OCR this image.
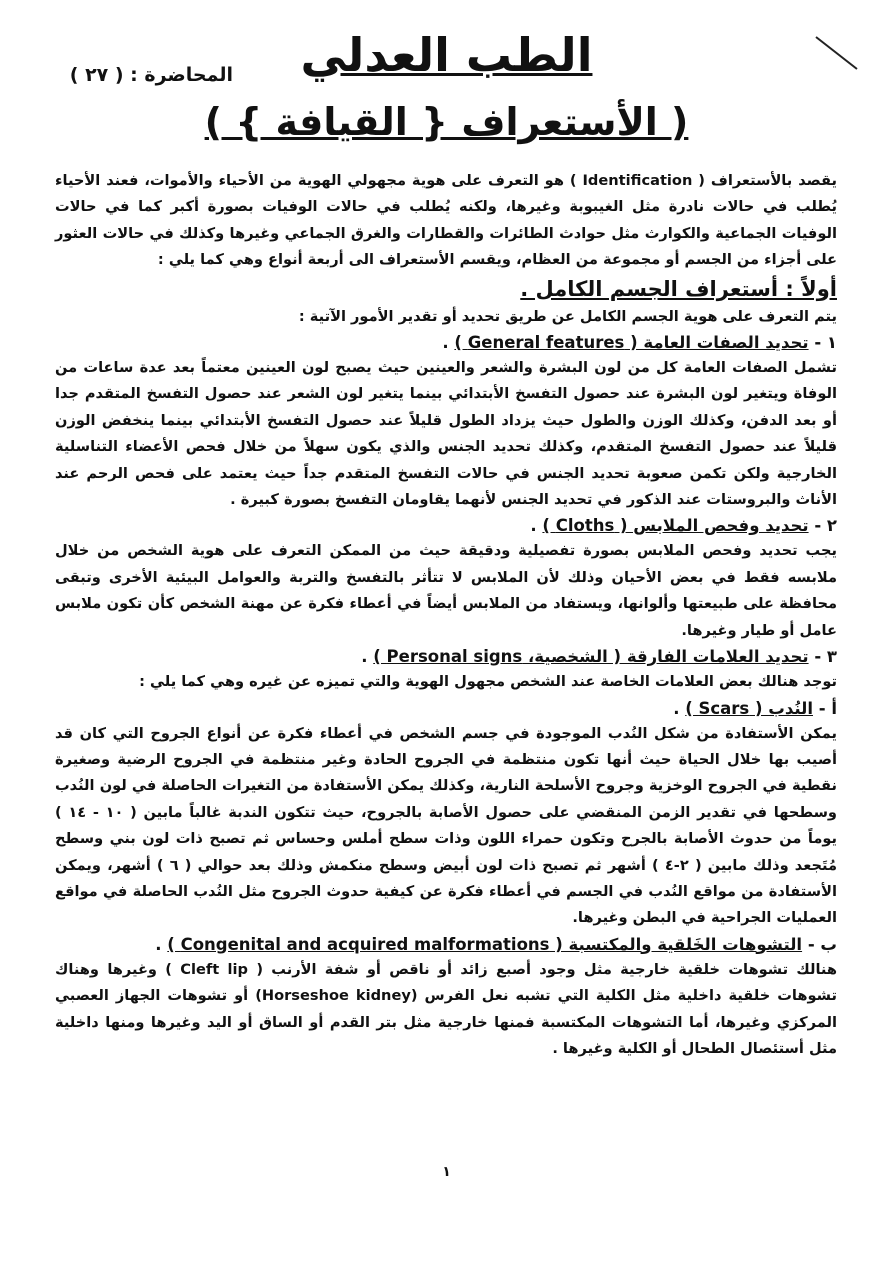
المحاضرة : ( ٢٧ )	الطب العدلي
( الأستعراف { القيافة } )

يقصد بالأستعراف ( Identification ) هو التعرف على هوية مجهولي الهوية من الأحياء والأموات، فعند الأحياء يُطلب في حالات نادرة مثل الغيبوبة وغيرها، ولكنه يُطلب في حالات الوفيات بصورة أكبر كما في حالات الوفيات الجماعية والكوارث مثل حوادث الطائرات والقطارات والغرق الجماعي وغيرها وكذلك في حالات العثور على أجزاء من الجسم أو مجموعة من العظام، ويقسم الأستعراف الى أربعة أنواع وهي كما يلي :

أولاً : أستعراف الجسم الكامل .

يتم التعرف على هوية الجسم الكامل عن طريق تحديد أو تقدير الأمور الآتية :

١ - تحديد الصفات العامة ( General features ) .

تشمل الصفات العامة كل من لون البشرة والشعر والعينين حيث يصبح لون العينين معتماً بعد عدة ساعات من الوفاة ويتغير لون البشرة عند حصول التفسخ الأبتدائي بينما يتغير لون الشعر عند حصول التفسخ المتقدم جدا أو بعد الدفن، وكذلك الوزن والطول حيث يزداد الطول قليلاً عند حصول التفسخ الأبتدائي بينما ينخفض الوزن قليلاً عند حصول التفسخ المتقدم، وكذلك تحديد الجنس والذي يكون سهلاً من خلال فحص الأعضاء التناسلية الخارجية ولكن تكمن صعوبة تحديد الجنس في حالات التفسخ المتقدم جداً حيث يعتمد على فحص الرحم عند الأناث والبروستات عند الذكور في تحديد الجنس لأنهما يقاومان التفسخ بصورة كبيرة .

٢ - تحديد وفحص الملابس ( Cloths ) .

يجب تحديد وفحص الملابس بصورة تفصيلية ودقيقة حيث من الممكن التعرف على هوية الشخص من خلال ملابسه فقط في بعض الأحيان وذلك لأن الملابس لا تتأثر بالتفسخ والتربة والعوامل البيئية الأخرى وتبقى محافظة على طبيعتها وألوانها، ويستفاد من الملابس أيضاً في أعطاء فكرة عن مهنة الشخص كأن تكون ملابس عامل أو طيار وغيرها.

٣ - تحديد العلامات الفارقة ( الشخصية، Personal signs ) .

توجد هنالك بعض العلامات الخاصة عند الشخص مجهول الهوية والتي تميزه عن غيره وهي كما يلي :

أ - النُدب ( Scars ) .

يمكن الأستفادة من شكل النُدب الموجودة في جسم الشخص في أعطاء فكرة عن أنواع الجروح التي كان قد أصيب بها خلال الحياة حيث أنها تكون منتظمة في الجروح الحادة وغير منتظمة في الجروح الرضية وصغيرة نقطية في الجروح الوخزية وجروح الأسلحة النارية، وكذلك يمكن الأستفادة من التغيرات الحاصلة في لون النُدب وسطحها في تقدير الزمن المنقضي على حصول الأصابة بالجروح، حيث تتكون الندبة غالباً مابين ( ١٠ - ١٤ ) يوماً من حدوث الأصابة بالجرح وتكون حمراء اللون وذات سطح أملس وحساس ثم تصبح ذات لون بني وسطح مُتَجعد وذلك مابين ( ٢-٤ ) أشهر ثم تصبح ذات لون أبيض وسطح منكمش وذلك بعد حوالي ( ٦ ) أشهر، ويمكن الأستفادة من مواقع النُدب في الجسم في أعطاء فكرة عن كيفية حدوث الجروح مثل النُدب الحاصلة في مواقع العمليات الجراحية في البطن وغيرها.

ب - التشوهات الخَلقية والمكتسبة ( Congenital and acquired malformations ) .

هنالك تشوهات خلقية خارجية مثل وجود أصبع زائد أو ناقص أو شفة الأرنب ( Cleft lip ) وغيرها وهناك تشوهات خلقية داخلية مثل الكلية التي تشبه نعل الفرس (Horseshoe kidney) أو تشوهات الجهاز العصبي المركزي وغيرها، أما التشوهات المكتسبة فمنها خارجية مثل بتر القدم أو الساق أو اليد وغيرها ومنها داخلية مثل أستئصال الطحال أو الكلية وغيرها .

١
